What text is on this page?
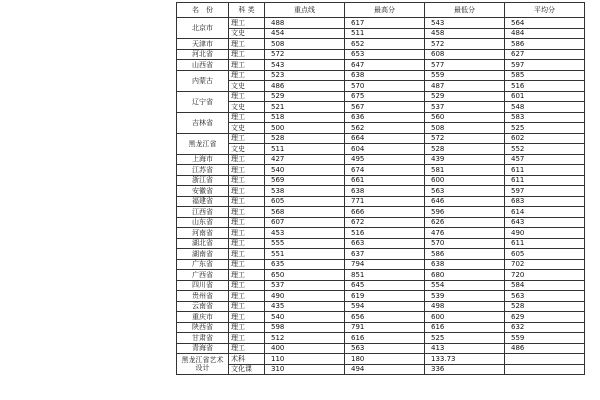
名　份	科 类	重点线	最高分	最低分	平均分
北京市	理工	488	617	543	564
	文史	454	511	458	484
天津市	理工	508	652	572	586
河北省	理工	572	653	608	627
山西省	理工	543	647	577	597
内蒙古	理工	523	638	559	585
	文史	486	570	487	516
辽宁省	理工	529	675	529	601
	文史	521	567	537	548
吉林省	理工	518	636	560	583
	文史	500	562	508	525
黑龙江省	理工	528	664	572	602
	文史	511	604	528	552
上海市	理工	427	495	439	457
江苏省	理工	540	674	581	611
浙江省	理工	569	661	600	611
安徽省	理工	538	638	563	597
福建省	理工	605	771	646	683
江西省	理工	568	666	596	614
山东省	理工	607	672	626	643
河南省	理工	453	516	476	490
湖北省	理工	555	663	570	611
湖南省	理工	551	637	586	605
广东省	理工	635	794	638	702
广西省	理工	650	851	680	720
四川省	理工	537	645	554	584
贵州省	理工	490	619	539	563
云南省	理工	435	594	498	528
重庆市	理工	540	656	600	629
陕西省	理工	598	791	616	632
甘肃省	理工	512	616	525	559
青海省	理工	400	563	413	486
黑龙江省艺术设计	术科	110	180	133.73	
	文化课	310	494	336	
